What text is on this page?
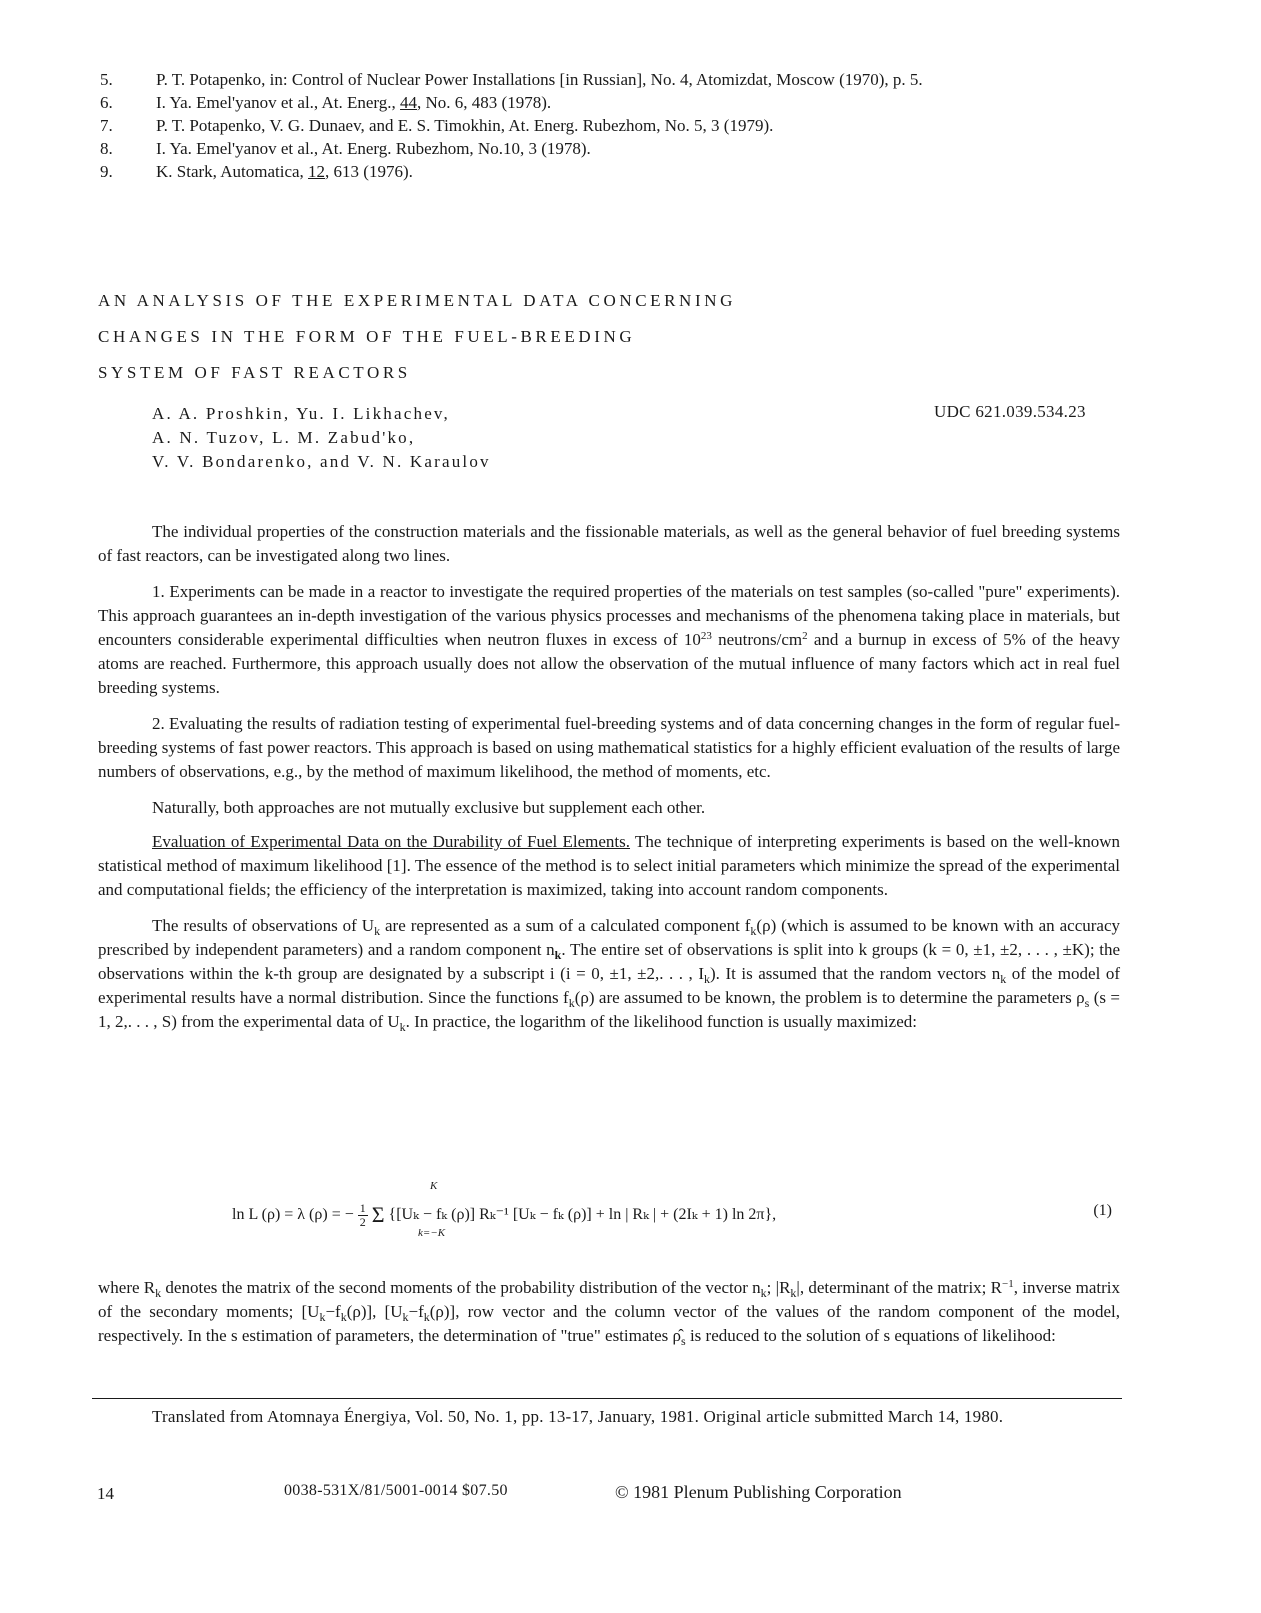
5.	P. T. Potapenko, in: Control of Nuclear Power Installations [in Russian], No. 4, Atomizdat, Moscow (1970), p. 5.
6.	I. Ya. Emel'yanov et al., At. Energ., 44, No. 6, 483 (1978).
7.	P. T. Potapenko, V. G. Dunaev, and E. S. Timokhin, At. Energ. Rubezhom, No. 5, 3 (1979).
8.	I. Ya. Emel'yanov et al., At. Energ. Rubezhom, No.10, 3 (1978).
9.	K. Stark, Automatica, 12, 613 (1976).
AN ANALYSIS OF THE EXPERIMENTAL DATA CONCERNING
CHANGES IN THE FORM OF THE FUEL-BREEDING
SYSTEM OF FAST REACTORS
A. A. Proshkin, Yu. I. Likhachev,
A. N. Tuzov, L. M. Zabud'ko,
V. V. Bondarenko, and V. N. Karaulov
UDC 621.039.534.23

The individual properties of the construction materials and the fissionable materials, as well as the general behavior of fuel breeding systems of fast reactors, can be investigated along two lines.

1. Experiments can be made in a reactor to investigate the required properties of the materials on test samples (so-called "pure" experiments). This approach guarantees an in-depth investigation of the various physics processes and mechanisms of the phenomena taking place in materials, but encounters considerable experimental difficulties when neutron fluxes in excess of $10^{23}$ neutrons/$cm^2$ and a burnup in excess of 5% of the heavy atoms are reached. Furthermore, this approach usually does not allow the observation of the mutual influence of many factors which act in real fuel breeding systems.

2. Evaluating the results of radiation testing of experimental fuel-breeding systems and of data concerning changes in the form of regular fuel-breeding systems of fast power reactors. This approach is based on using mathematical statistics for a highly efficient evaluation of the results of large numbers of observations, e.g., by the method of maximum likelihood, the method of moments, etc.

Naturally, both approaches are not mutually exclusive but supplement each other.

Evaluation of Experimental Data on the Durability of Fuel Elements. The technique of interpreting experiments is based on the well-known statistical method of maximum likelihood [1]. The essence of the method is to select initial parameters which minimize the spread of the experimental and computational fields; the efficiency of the interpretation is maximized, taking into account random components.

The results of observations of $U_k$ are represented as a sum of a calculated component $f_k(\rho)$ (which is assumed to be known with an accuracy prescribed by independent parameters) and a random component $n_k$. The entire set of observations is split into k groups (k = 0, ±1, ±2, . . . , ±K); the observations within the k-th group are designated by a subscript i (i = 0, ±1, ±2,. . . , $I_k$). It is assumed that the random vectors $n_k$ of the model of experimental results have a normal distribution. Since the functions $f_k(\rho)$ are assumed to be known, the problem is to determine the parameters $\rho_s$ (s = 1, 2,. . . , S) from the experimental data of $U_k$. In practice, the logarithm of the likelihood function is usually maximized:

K
ln L (ρ) = λ (ρ) = − $\frac{1}{2}$ Σ {[Uₖ − fₖ (ρ)] Rₖ⁻¹ [Uₖ − fₖ (ρ)] + ln | Rₖ | + (2Iₖ + 1) ln 2π},
k=−K
(1)

where $R_k$ denotes the matrix of the second moments of the probability distribution of the vector $n_k$; $|R_k|$, determinant of the matrix; $R^{-1}$, inverse matrix of the secondary moments; $[U_k-f_k(\rho)]$, $[U_k-f_k(\rho)]$, row vector and the column vector of the values of the random component of the model, respectively. In the s estimation of parameters, the determination of "true" estimates $\rhô_s$ is reduced to the solution of s equations of likelihood:

Translated from Atomnaya Énergiya, Vol. 50, No. 1, pp. 13-17, January, 1981. Original article submitted March 14, 1980.
14	0038-531X/81/5001-0014 $07.50	© 1981 Plenum Publishing Corporation
